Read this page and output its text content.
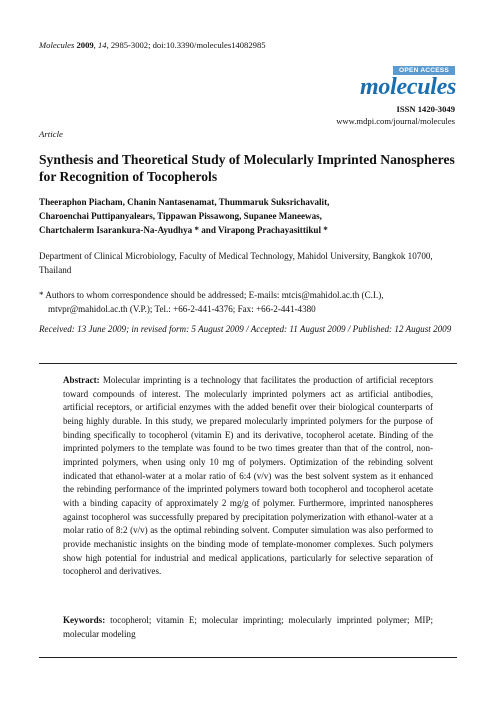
Molecules 2009, 14, 2985-3002; doi:10.3390/molecules14082985
OPEN ACCESS
molecules
ISSN 1420-3049
www.mdpi.com/journal/molecules
Article
Synthesis and Theoretical Study of Molecularly Imprinted Nanospheres for Recognition of Tocopherols
Theeraphon Piacham, Chanin Nantasenamat, Thummaruk Suksrichavalit,
Charoenchai Puttipanyalears, Tippawan Pissawong, Supanee Maneewas,
Chartchalerm Isarankura-Na-Ayudhya * and Virapong Prachayasittikul *
Department of Clinical Microbiology, Faculty of Medical Technology, Mahidol University, Bangkok 10700, Thailand
* Authors to whom correspondence should be addressed; E-mails: mtcis@mahidol.ac.th (C.I.),
mtvpr@mahidol.ac.th (V.P.); Tel.: +66-2-441-4376; Fax: +66-2-441-4380
Received: 13 June 2009; in revised form: 5 August 2009 / Accepted: 11 August 2009 / Published: 12 August 2009
Abstract: Molecular imprinting is a technology that facilitates the production of artificial receptors toward compounds of interest. The molecularly imprinted polymers act as artificial antibodies, artificial receptors, or artificial enzymes with the added benefit over their biological counterparts of being highly durable. In this study, we prepared molecularly imprinted polymers for the purpose of binding specifically to tocopherol (vitamin E) and its derivative, tocopherol acetate. Binding of the imprinted polymers to the template was found to be two times greater than that of the control, non-imprinted polymers, when using only 10 mg of polymers. Optimization of the rebinding solvent indicated that ethanol-water at a molar ratio of 6:4 (v/v) was the best solvent system as it enhanced the rebinding performance of the imprinted polymers toward both tocopherol and tocopherol acetate with a binding capacity of approximately 2 mg/g of polymer. Furthermore, imprinted nanospheres against tocopherol was successfully prepared by precipitation polymerization with ethanol-water at a molar ratio of 8:2 (v/v) as the optimal rebinding solvent. Computer simulation was also performed to provide mechanistic insights on the binding mode of template-monomer complexes. Such polymers show high potential for industrial and medical applications, particularly for selective separation of tocopherol and derivatives.
Keywords: tocopherol; vitamin E; molecular imprinting; molecularly imprinted polymer; MIP; molecular modeling
